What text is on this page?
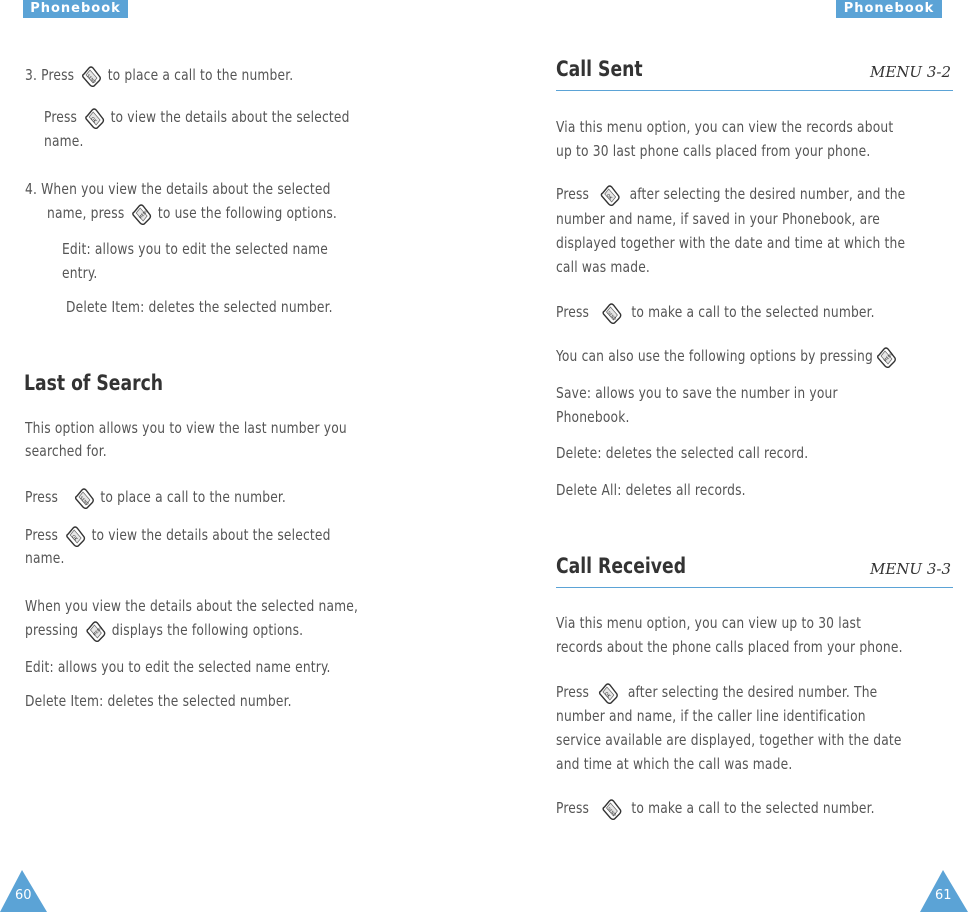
Phonebook	Phonebook
3. Press	SEND to place a call to the number.
Press	OK to view the details about the selected
name.
4. When you view the details about the selected
name, press	MENU to use the following options.
Edit: allows you to edit the selected name
entry.
Delete Item: deletes the selected number.
Last of Search
This option allows you to view the last number you
searched for.
Press	SEND to place a call to the number.
Press	OK to view the details about the selected
name.
When you view the details about the selected name,
pressing	MENU displays the following options.
Edit: allows you to edit the selected name entry.
Delete Item: deletes the selected number.
Call Sent	MENU 3-2
Via this menu option, you can view the records about
up to 30 last phone calls placed from your phone.
Press	OK after selecting the desired number, and the
number and name, if saved in your Phonebook, are
displayed together with the date and time at which the
call was made.
Press	SEND to make a call to the selected number.
You can also use the following options by pressing MENU
Save: allows you to save the number in your
Phonebook.
Delete: deletes the selected call record.
Delete All: deletes all records.
Call Received	MENU 3-3
Via this menu option, you can view up to 30 last
records about the phone calls placed from your phone.
Press	OK after selecting the desired number. The
number and name, if the caller line identification
service available are displayed, together with the date
and time at which the call was made.
Press	SEND to make a call to the selected number.
60	61
